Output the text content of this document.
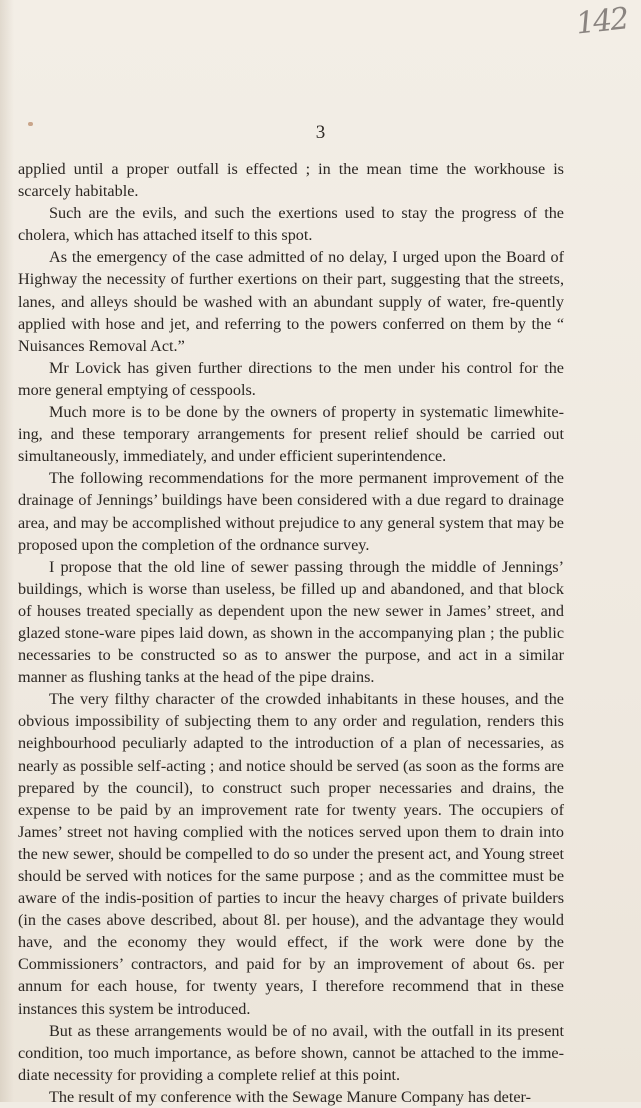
142
3

applied until a proper outfall is effected ; in the mean time the workhouse is scarcely habitable.

Such are the evils, and such the exertions used to stay the progress of the cholera, which has attached itself to this spot.

As the emergency of the case admitted of no delay, I urged upon the Board of Highway the necessity of further exertions on their part, suggesting that the streets, lanes, and alleys should be washed with an abundant supply of water, fre-quently applied with hose and jet, and referring to the powers conferred on them by the “ Nuisances Removal Act.”

Mr Lovick has given further directions to the men under his control for the more general emptying of cesspools.

Much more is to be done by the owners of property in systematic limewhite-ing, and these temporary arrangements for present relief should be carried out simultaneously, immediately, and under efficient superintendence.

The following recommendations for the more permanent improvement of the drainage of Jennings’ buildings have been considered with a due regard to drainage area, and may be accomplished without prejudice to any general system that may be proposed upon the completion of the ordnance survey.

I propose that the old line of sewer passing through the middle of Jennings’ buildings, which is worse than useless, be filled up and abandoned, and that block of houses treated specially as dependent upon the new sewer in James’ street, and glazed stone-ware pipes laid down, as shown in the accompanying plan ; the public necessaries to be constructed so as to answer the purpose, and act in a similar manner as flushing tanks at the head of the pipe drains.

The very filthy character of the crowded inhabitants in these houses, and the obvious impossibility of subjecting them to any order and regulation, renders this neighbourhood peculiarly adapted to the introduction of a plan of necessaries, as nearly as possible self-acting ; and notice should be served (as soon as the forms are prepared by the council), to construct such proper necessaries and drains, the expense to be paid by an improvement rate for twenty years. The occupiers of James’ street not having complied with the notices served upon them to drain into the new sewer, should be compelled to do so under the present act, and Young street should be served with notices for the same purpose ; and as the committee must be aware of the indis-position of parties to incur the heavy charges of private builders (in the cases above described, about 8l. per house), and the advantage they would have, and the economy they would effect, if the work were done by the Commissioners’ contractors, and paid for by an improvement of about 6s. per annum for each house, for twenty years, I therefore recommend that in these instances this system be introduced.

But as these arrangements would be of no avail, with the outfall in its present condition, too much importance, as before shown, cannot be attached to the imme-diate necessity for providing a complete relief at this point.

The result of my conference with the Sewage Manure Company has deter-
